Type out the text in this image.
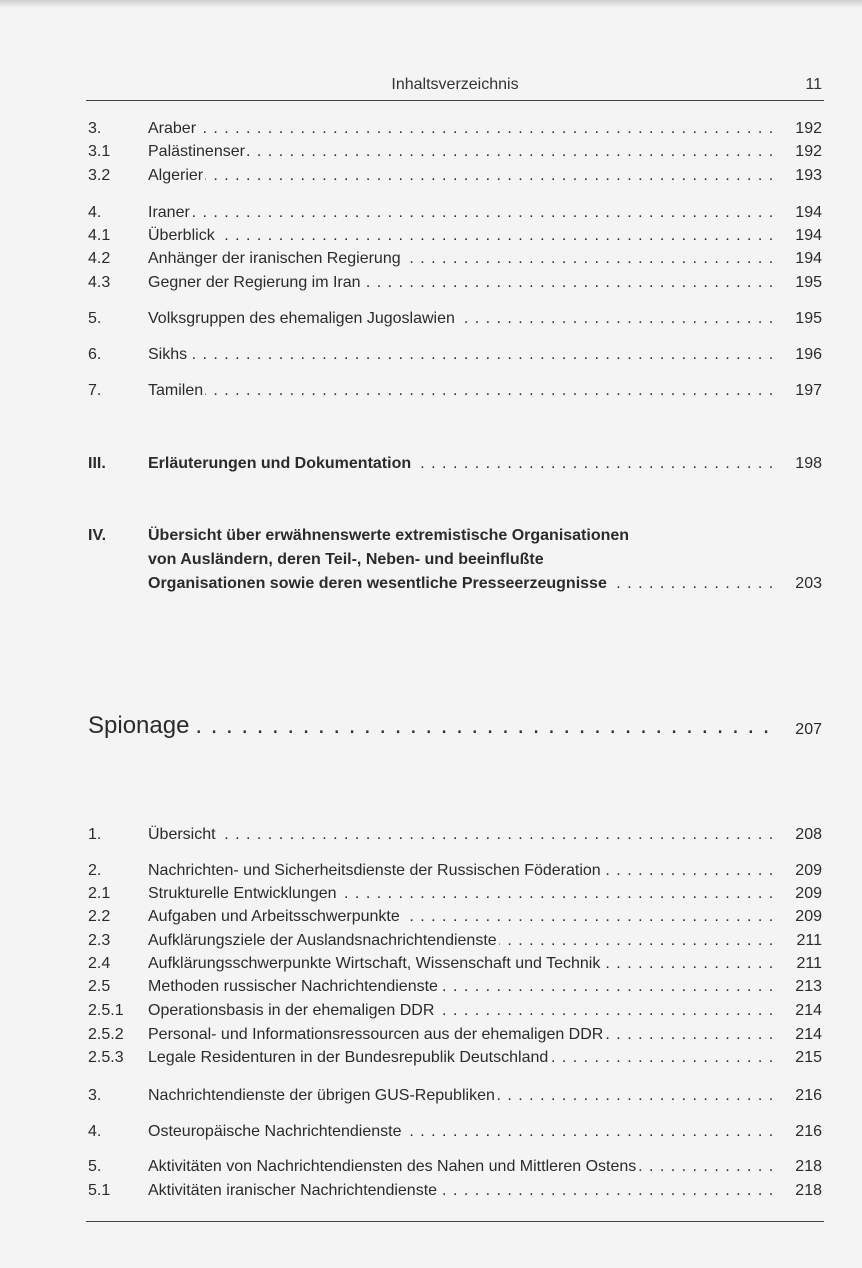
Inhaltsverzeichnis	11
3.	Araber . . .	192
3.1 Palästinenser . . .	192
3.2 Algerier . . .	193
4.	Iraner . . .	194
4.1 Überblick . . .	194
4.2 Anhänger der iranischen Regierung . . .	194
4.3 Gegner der Regierung im Iran . . .	195
5.	Volksgruppen des ehemaligen Jugoslawien . . .	195
6.	Sikhs . . .	196
7.	Tamilen . . .	197
III.	Erläuterungen und Dokumentation . . .	198
IV.	Übersicht über erwähnenswerte extremistische Organisationen
von Ausländern, deren Teil-, Neben- und beeinflußte
Organisationen sowie deren wesentliche Presseerzeugnisse . . .	203
Spionage . . .	207
1.	Übersicht . . .	208
2.	Nachrichten- und Sicherheitsdienste der Russischen Föderation . . .	209
2.1 Strukturelle Entwicklungen . . .	209
2.2 Aufgaben und Arbeitsschwerpunkte . . .	209
2.3 Aufklärungsziele der Auslandsnachrichtendienste . . .	211
2.4 Aufklärungsschwerpunkte Wirtschaft, Wissenschaft und Technik . . .	211
2.5 Methoden russischer Nachrichtendienste . . .	213
2.5.1 Operationsbasis in der ehemaligen DDR . . .	214
2.5.2 Personal- und Informationsressourcen aus der ehemaligen DDR . . .	214
2.5.3 Legale Residenturen in der Bundesrepublik Deutschland . . .	215
3.	Nachrichtendienste der übrigen GUS-Republiken . . .	216
4.	Osteuropäische Nachrichtendienste . . .	216
5.	Aktivitäten von Nachrichtendiensten des Nahen und Mittleren Ostens . . .	218
5.1 Aktivitäten iranischer Nachrichtendienste . . .	218
